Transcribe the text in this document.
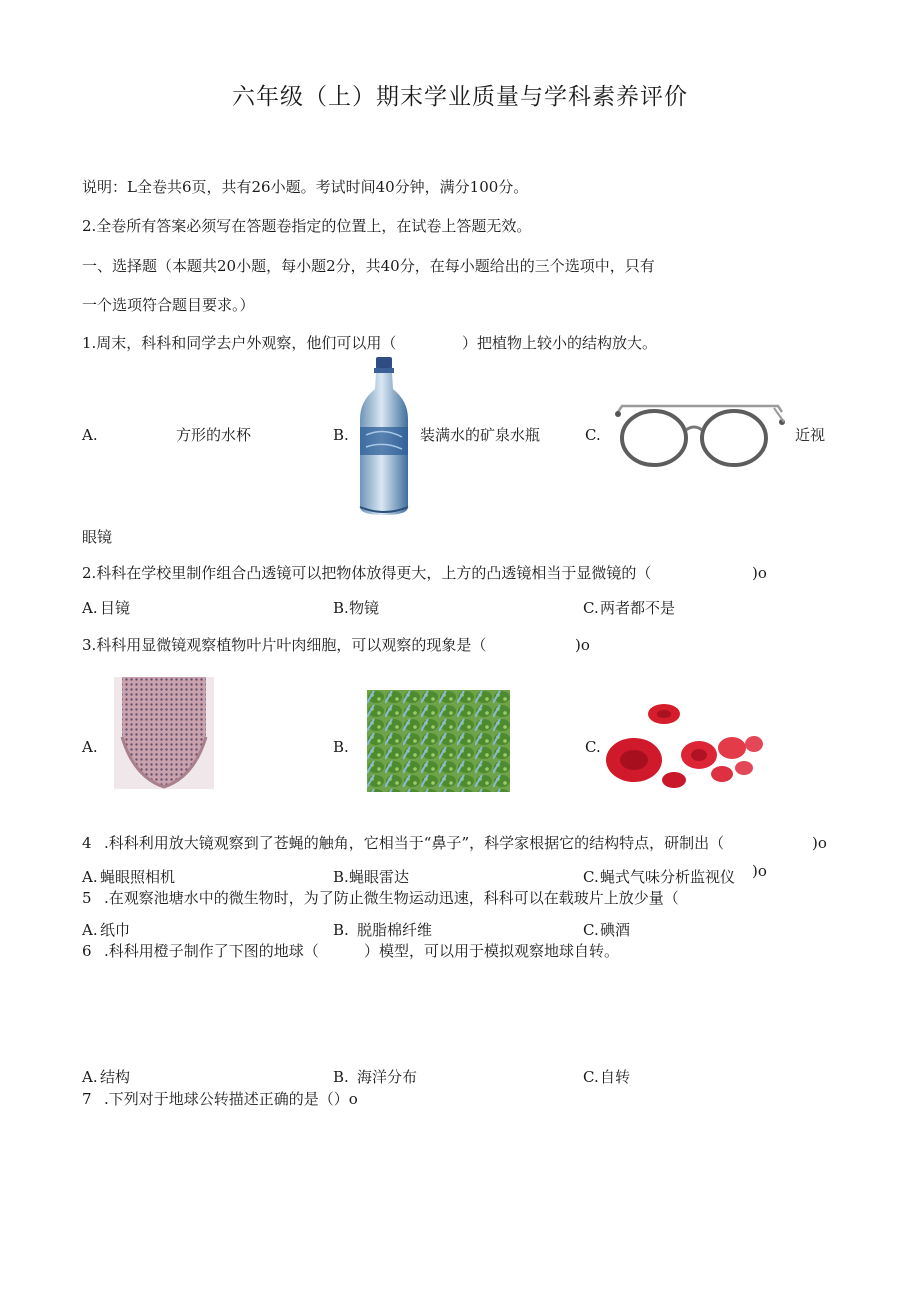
六年级（上）期末学业质量与学科素养评价
说明：L全卷共6页，共有26小题。考试时间40分钟，满分100分。
2.全卷所有答案必须写在答题卷指定的位置上，在试卷上答题无效。
一、选择题（本题共20小题，每小题2分，共40分，在每小题给出的三个选项中，只有
一个选项符合题目要求。）
1.周末，科科和同学去户外观察，他们可以用（	）把植物上较小的结构放大。
A.	方形的水杯	B.	装满水的矿泉水瓶	C.	近视
眼镜
2.科科在学校里制作组合凸透镜可以把物体放得更大，上方的凸透镜相当于显微镜的（	)o
A. 目镜	B. 物镜	C. 两者都不是
3.科科用显微镜观察植物叶片叶肉细胞，可以观察的现象是（	)o
A.	B.	C.
4 .科科利用放大镜观察到了苍蝇的触角，它相当于“鼻子”，科学家根据它的结构特点，研制出（	)o
A. 蝇眼照相机	B. 蝇眼雷达	C. 蝇式气味分析监视仪 )o
5 .在观察池塘水中的微生物时，为了防止微生物运动迅速，科科可以在载玻片上放少量（
A. 纸巾	B. 脱脂棉纤维	C. 碘酒
6 .科科用橙子制作了下图的地球（	）模型，可以用于模拟观察地球自转。
A. 结构	B. 海洋分布	C. 自转
7 .下列对于地球公转描述正确的是（）o
